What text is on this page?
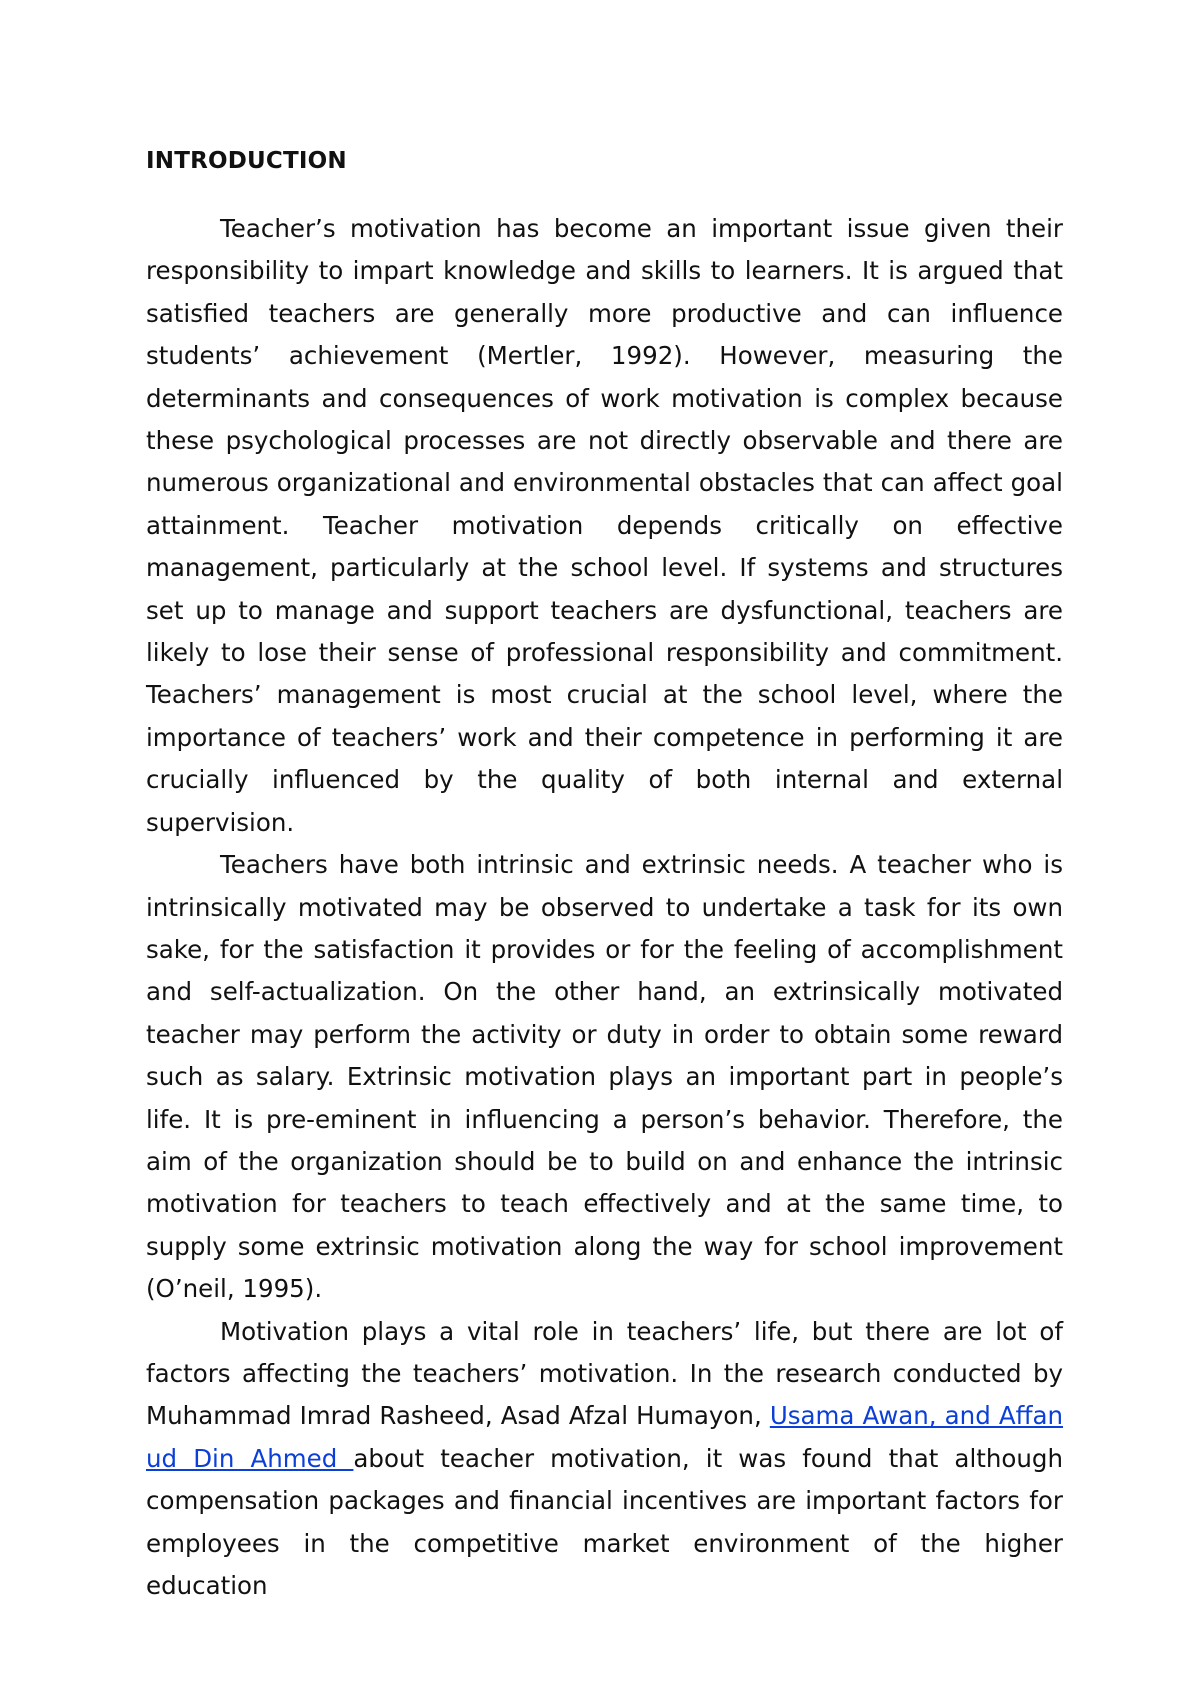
INTRODUCTION

Teacher’s motivation has become an important issue given their responsibility to impart knowledge and skills to learners. It is argued that satisfied teachers are generally more productive and can influence students’ achievement (Mertler, 1992). However, measuring the determinants and consequences of work motivation is complex because these psychological processes are not directly observable and there are numerous organizational and environmental obstacles that can affect goal attainment. Teacher motivation depends critically on effective management, particularly at the school level. If systems and structures set up to manage and support teachers are dysfunctional, teachers are likely to lose their sense of professional responsibility and commitment. Teachers’ management is most crucial at the school level, where the importance of teachers’ work and their competence in performing it are crucially influenced by the quality of both internal and external supervision.

Teachers have both intrinsic and extrinsic needs. A teacher who is intrinsically motivated may be observed to undertake a task for its own sake, for the satisfaction it provides or for the feeling of accomplishment and self-actualization. On the other hand, an extrinsically motivated teacher may perform the activity or duty in order to obtain some reward such as salary. Extrinsic motivation plays an important part in people’s life. It is pre-eminent in influencing a person’s behavior. Therefore, the aim of the organization should be to build on and enhance the intrinsic motivation for teachers to teach effectively and at the same time, to supply some extrinsic motivation along the way for school improvement (O’neil, 1995).

Motivation plays a vital role in teachers’ life, but there are lot of factors affecting the teachers’ motivation. In the research conducted by Muhammad Imrad Rasheed, Asad Afzal Humayon, Usama Awan, and Affan ud Din Ahmed about teacher motivation, it was found that although compensation packages and financial incentives are important factors for employees in the competitive market environment of the higher education
